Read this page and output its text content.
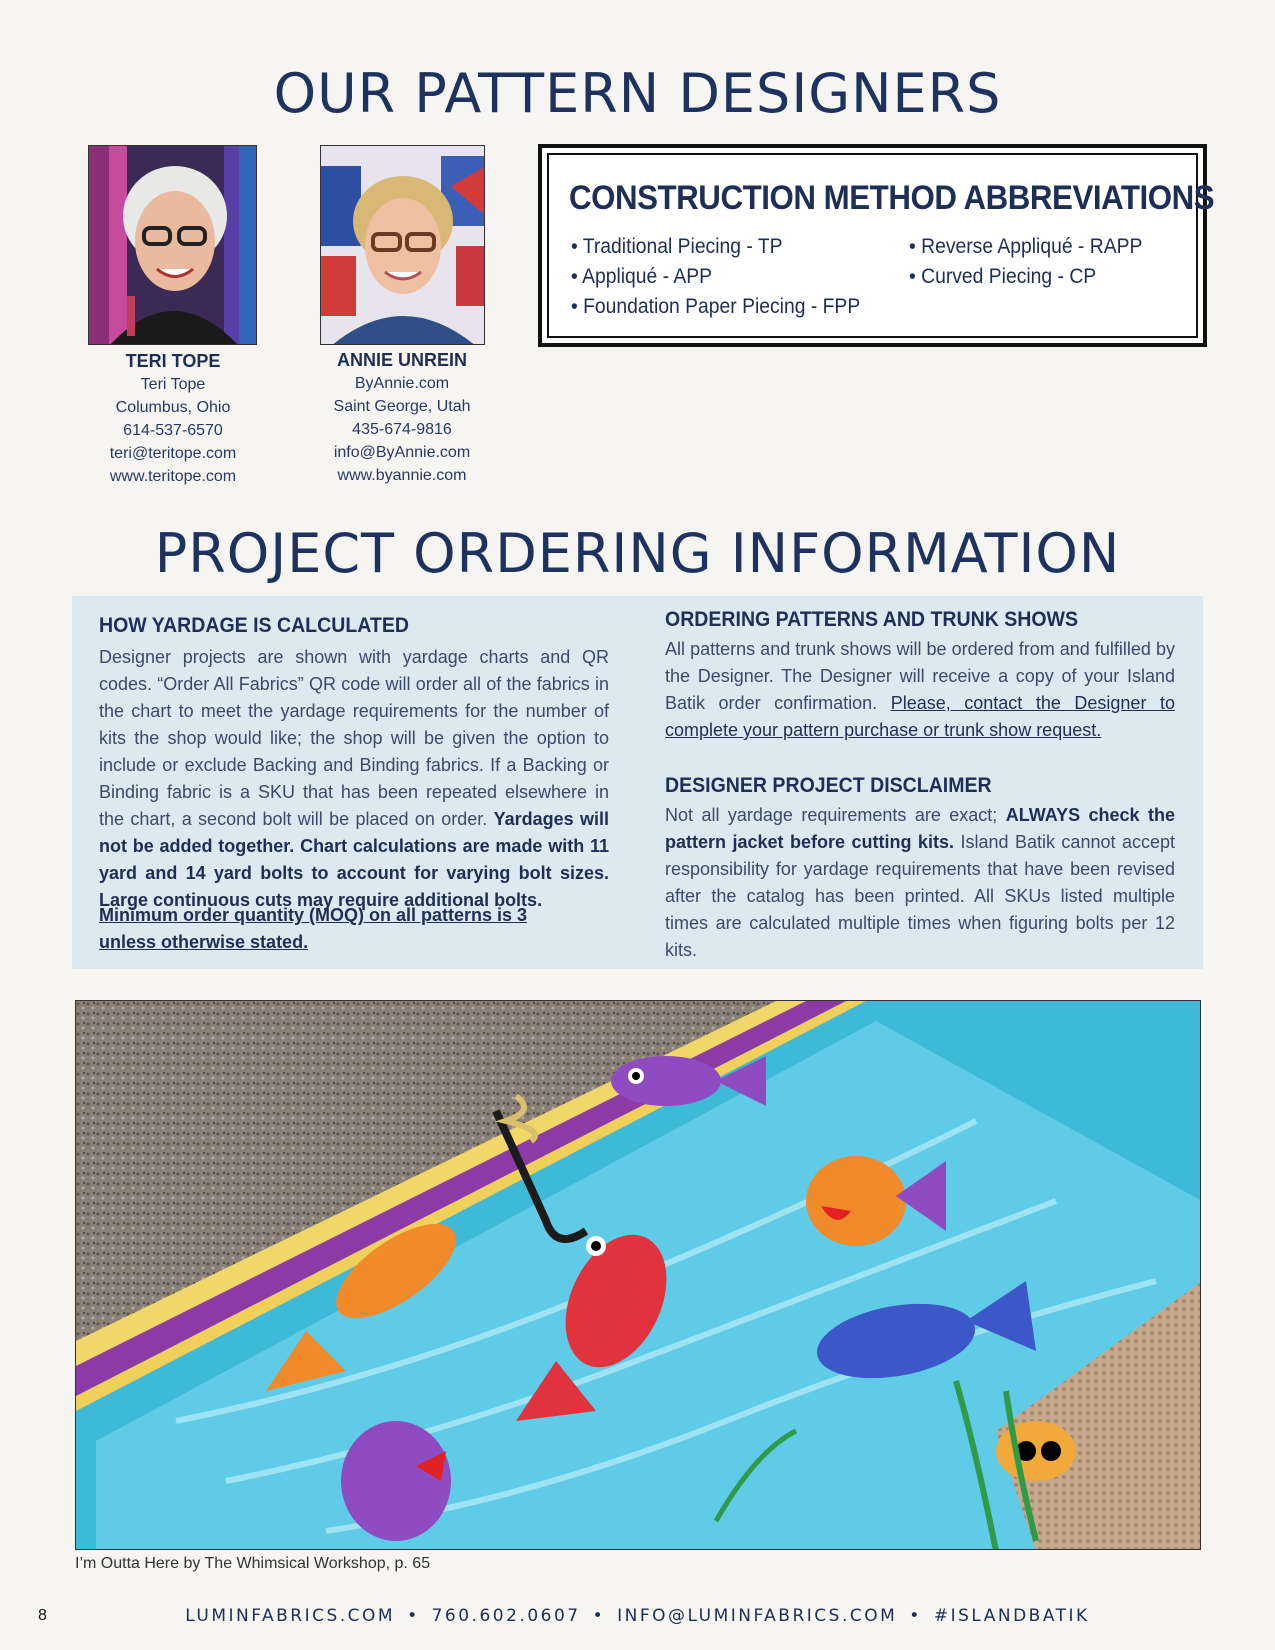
OUR PATTERN DESIGNERS
TERI TOPE
Teri Tope
Columbus, Ohio
614-537-6570
teri@teritope.com
www.teritope.com
ANNIE UNREIN
ByAnnie.com
Saint George, Utah
435-674-9816
info@ByAnnie.com
www.byannie.com
CONSTRUCTION METHOD ABBREVIATIONS
• Traditional Piecing - TP
• Appliqué - APP
• Foundation Paper Piecing - FPP
• Reverse Appliqué - RAPP
• Curved Piecing - CP
PROJECT ORDERING INFORMATION
HOW YARDAGE IS CALCULATED
Designer projects are shown with yardage charts and QR codes. “Order All Fabrics” QR code will order all of the fabrics in the chart to meet the yardage requirements for the number of kits the shop would like; the shop will be given the option to include or exclude Backing and Binding fabrics. If a Backing or Binding fabric is a SKU that has been repeated elsewhere in the chart, a second bolt will be placed on order. Yardages will not be added together. Chart calculations are made with 11 yard and 14 yard bolts to account for varying bolt sizes. Large continuous cuts may require additional bolts.
Minimum order quantity (MOQ) on all patterns is 3 unless otherwise stated.
ORDERING PATTERNS AND TRUNK SHOWS
All patterns and trunk shows will be ordered from and fulfilled by the Designer. The Designer will receive a copy of your Island Batik order confirmation. Please, contact the Designer to complete your pattern purchase or trunk show request.
DESIGNER PROJECT DISCLAIMER
Not all yardage requirements are exact; ALWAYS check the pattern jacket before cutting kits. Island Batik cannot accept responsibility for yardage requirements that have been revised after the catalog has been printed. All SKUs listed multiple times are calculated multiple times when figuring bolts per 12 kits.
I’m Outta Here by The Whimsical Workshop, p. 65
8	LUMINFABRICS.COM • 760.602.0607 • INFO@LUMINFABRICS.COM • #ISLANDBATIK
